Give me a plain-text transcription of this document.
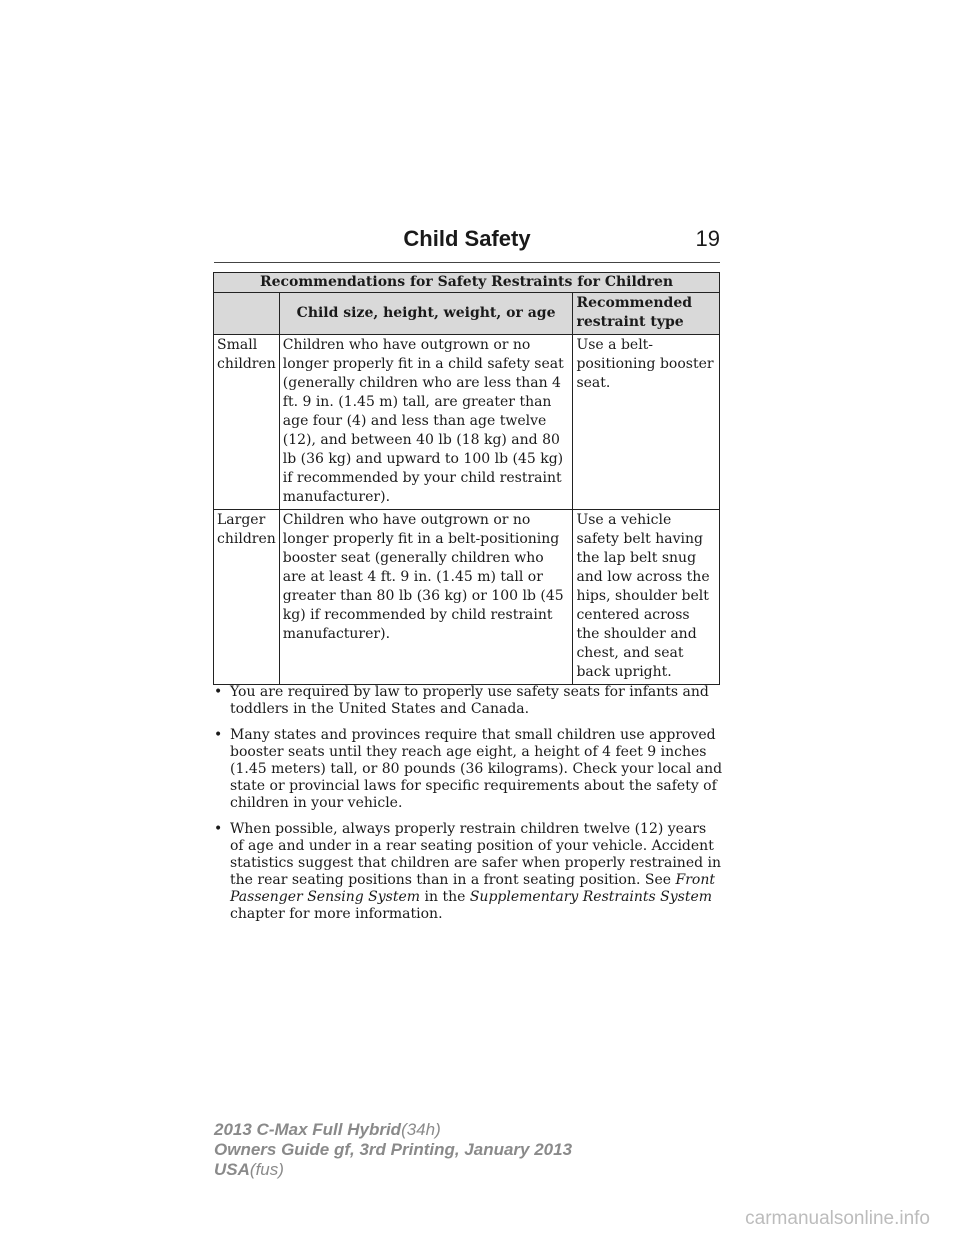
Child Safety	19
Recommendations for Safety Restraints for Children		
	Child size, height, weight, or age	Recommended restraint type
Small children	Children who have outgrown or no longer properly fit in a child safety seat (generally children who are less than 4 ft. 9 in. (1.45 m) tall, are greater than age four (4) and less than age twelve (12), and between 40 lb (18 kg) and 80 lb (36 kg) and upward to 100 lb (45 kg) if recommended by your child restraint manufacturer).	Use a belt-positioning booster seat.
Larger children	Children who have outgrown or no longer properly fit in a belt-positioning booster seat (generally children who are at least 4 ft. 9 in. (1.45 m) tall or greater than 80 lb (36 kg) or 100 lb (45 kg) if recommended by child restraint manufacturer).	Use a vehicle safety belt having the lap belt snug and low across the hips, shoulder belt centered across the shoulder and chest, and seat back upright.
• You are required by law to properly use safety seats for infants and toddlers in the United States and Canada.
• Many states and provinces require that small children use approved booster seats until they reach age eight, a height of 4 feet 9 inches (1.45 meters) tall, or 80 pounds (36 kilograms). Check your local and state or provincial laws for specific requirements about the safety of children in your vehicle.
• When possible, always properly restrain children twelve (12) years of age and under in a rear seating position of your vehicle. Accident statistics suggest that children are safer when properly restrained in the rear seating positions than in a front seating position. See Front Passenger Sensing System in the Supplementary Restraints System chapter for more information.
2013 C-Max Full Hybrid(34h)
Owners Guide gf, 3rd Printing, January 2013
USA(fus)
carmanualsonline.info
